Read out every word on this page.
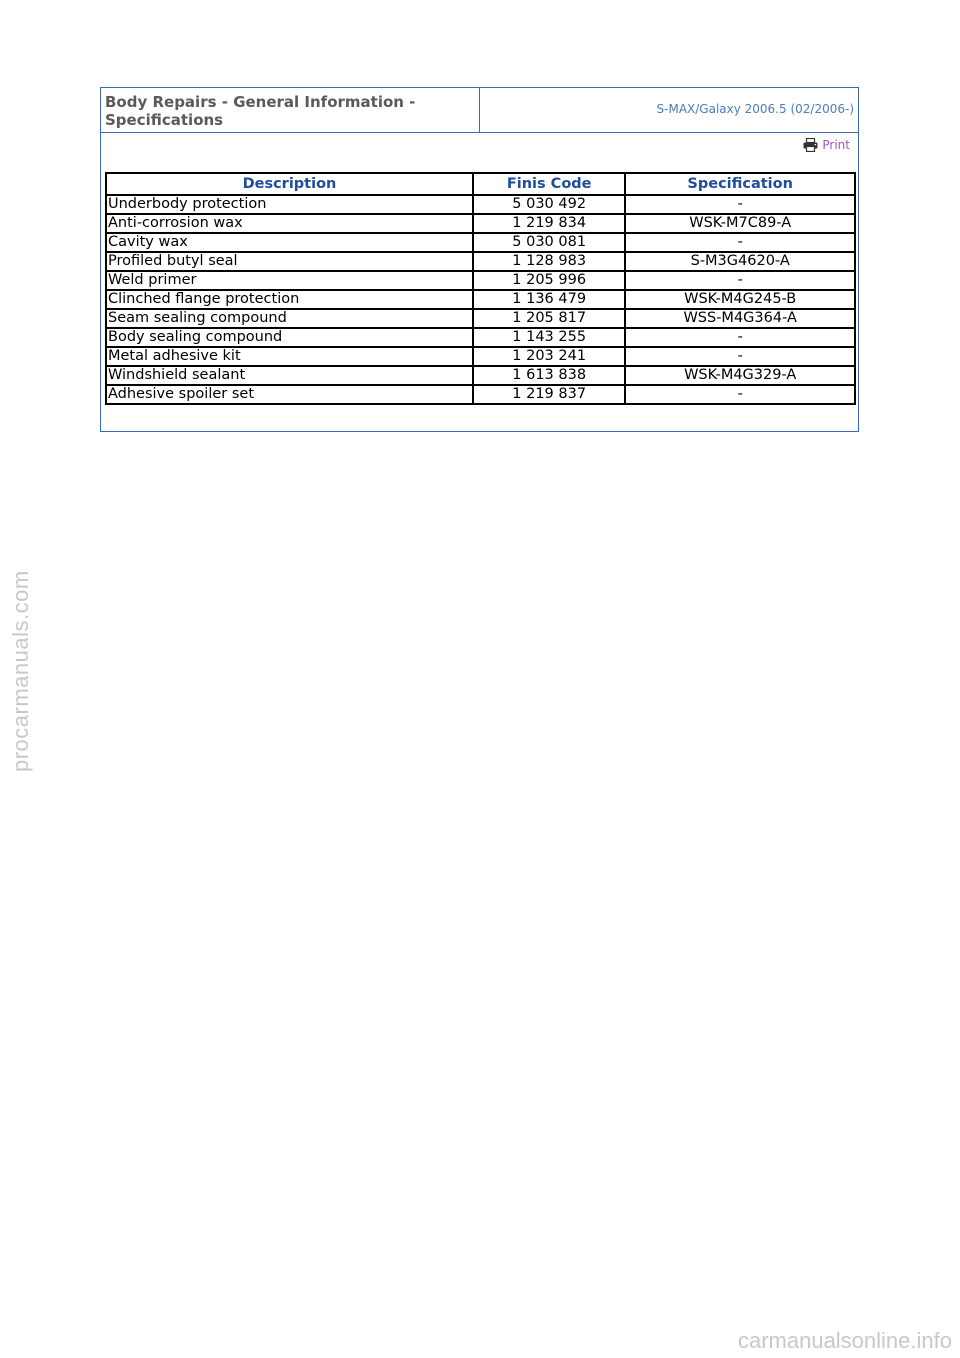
Body Repairs - General Information -
Specifications
S-MAX/Galaxy 2006.5 (02/2006-)
Print
Description	Finis Code	Specification
Underbody protection	5 030 492	-
Anti-corrosion wax	1 219 834	WSK-M7C89-A
Cavity wax	5 030 081	-
Profiled butyl seal	1 128 983	S-M3G4620-A
Weld primer	1 205 996	-
Clinched flange protection	1 136 479	WSK-M4G245-B
Seam sealing compound	1 205 817	WSS-M4G364-A
Body sealing compound	1 143 255	-
Metal adhesive kit	1 203 241	-
Windshield sealant	1 613 838	WSK-M4G329-A
Adhesive spoiler set	1 219 837	-
procarmanuals.com
carmanualsonline.info
